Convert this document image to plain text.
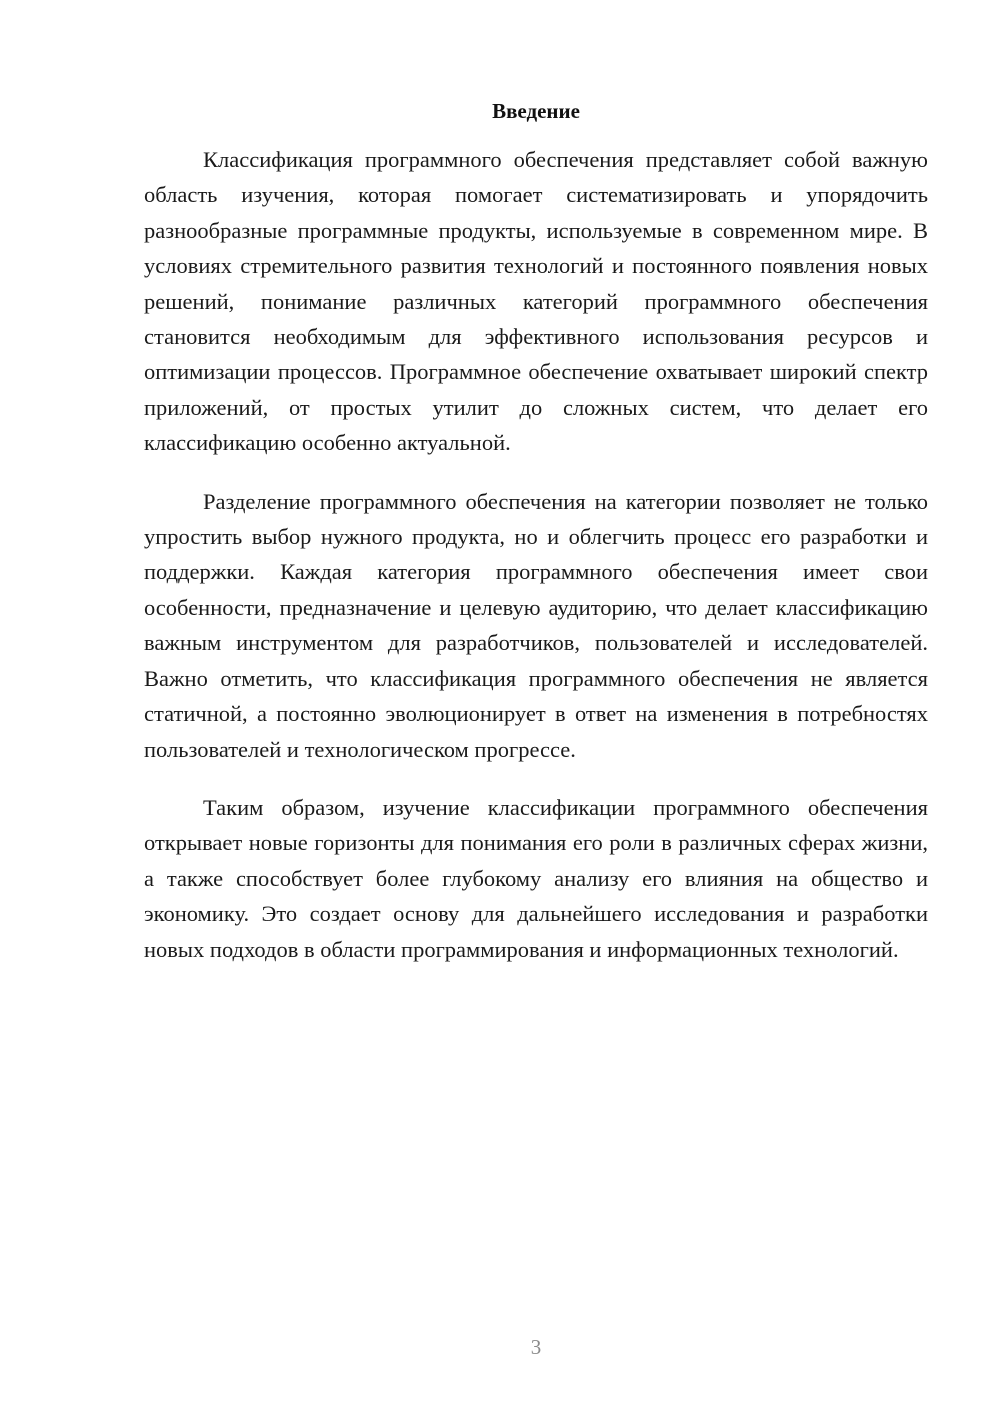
Введение

Классификация программного обеспечения представляет собой важную область изучения, которая помогает систематизировать и упорядочить разнообразные программные продукты, используемые в современном мире. В условиях стремительного развития технологий и постоянного появления новых решений, понимание различных категорий программного обеспечения становится необходимым для эффективного использования ресурсов и оптимизации процессов. Программное обеспечение охватывает широкий спектр приложений, от простых утилит до сложных систем, что делает его классификацию особенно актуальной.

Разделение программного обеспечения на категории позволяет не только упростить выбор нужного продукта, но и облегчить процесс его разработки и поддержки. Каждая категория программного обеспечения имеет свои особенности, предназначение и целевую аудиторию, что делает классификацию важным инструментом для разработчиков, пользователей и исследователей. Важно отметить, что классификация программного обеспечения не является статичной, а постоянно эволюционирует в ответ на изменения в потребностях пользователей и технологическом прогрессе.

Таким образом, изучение классификации программного обеспечения открывает новые горизонты для понимания его роли в различных сферах жизни, а также способствует более глубокому анализу его влияния на общество и экономику. Это создает основу для дальнейшего исследования и разработки новых подходов в области программирования и информационных технологий.

3
